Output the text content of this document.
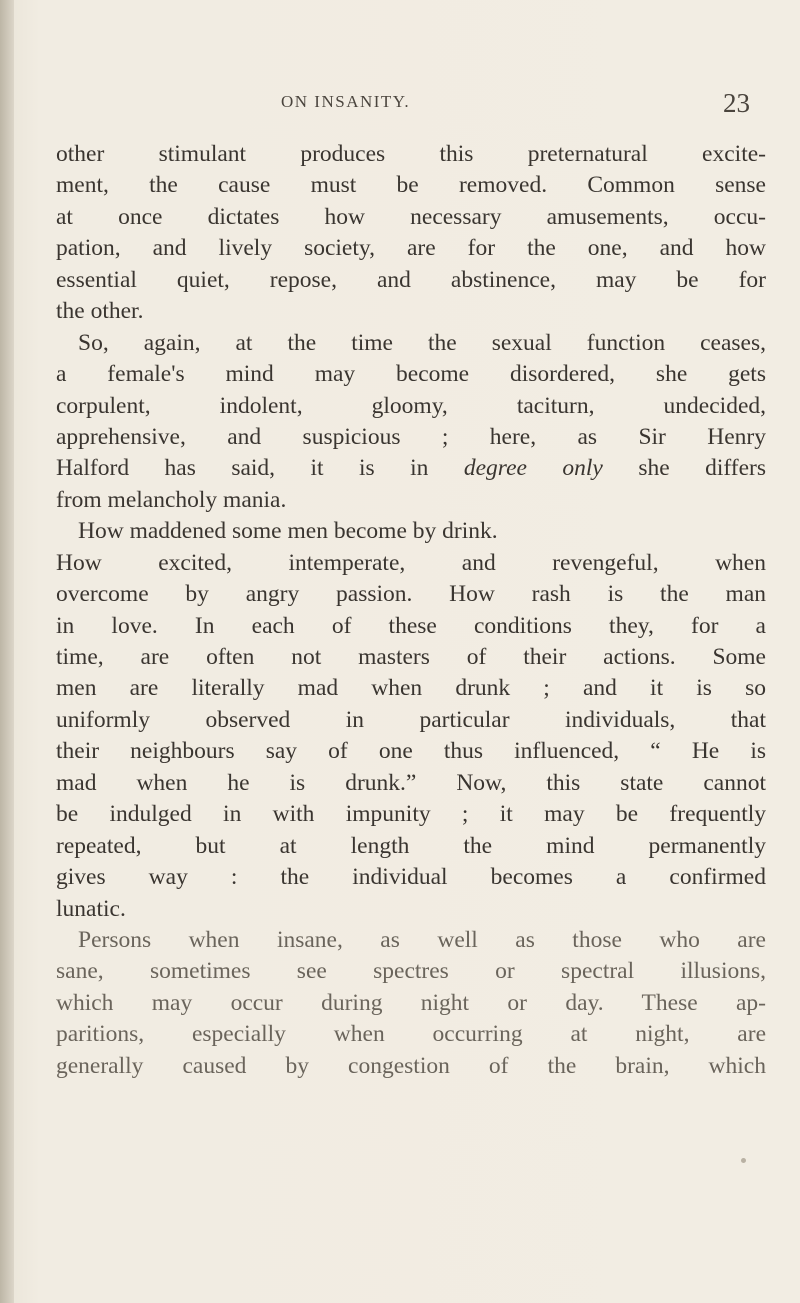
ON INSANITY.	23
other stimulant produces this preternatural excite-
ment, the cause must be removed. Common sense
at once dictates how necessary amusements, occu-
pation, and lively society, are for the one, and how
essential quiet, repose, and abstinence, may be for
the other.
So, again, at the time the sexual function ceases,
a female's mind may become disordered, she gets
corpulent, indolent, gloomy, taciturn, undecided,
apprehensive, and suspicious ; here, as Sir Henry
Halford has said, it is in degree only she differs
from melancholy mania.
How maddened some men become by drink.
How excited, intemperate, and revengeful, when
overcome by angry passion. How rash is the man
in love. In each of these conditions they, for a
time, are often not masters of their actions. Some
men are literally mad when drunk ; and it is so
uniformly observed in particular individuals, that
their neighbours say of one thus influenced, “ He is
mad when he is drunk.” Now, this state cannot
be indulged in with impunity ; it may be frequently
repeated, but at length the mind permanently
gives way : the individual becomes a confirmed
lunatic.
Persons when insane, as well as those who are
sane, sometimes see spectres or spectral illusions,
which may occur during night or day. These ap-
paritions, especially when occurring at night, are
generally caused by congestion of the brain, which
